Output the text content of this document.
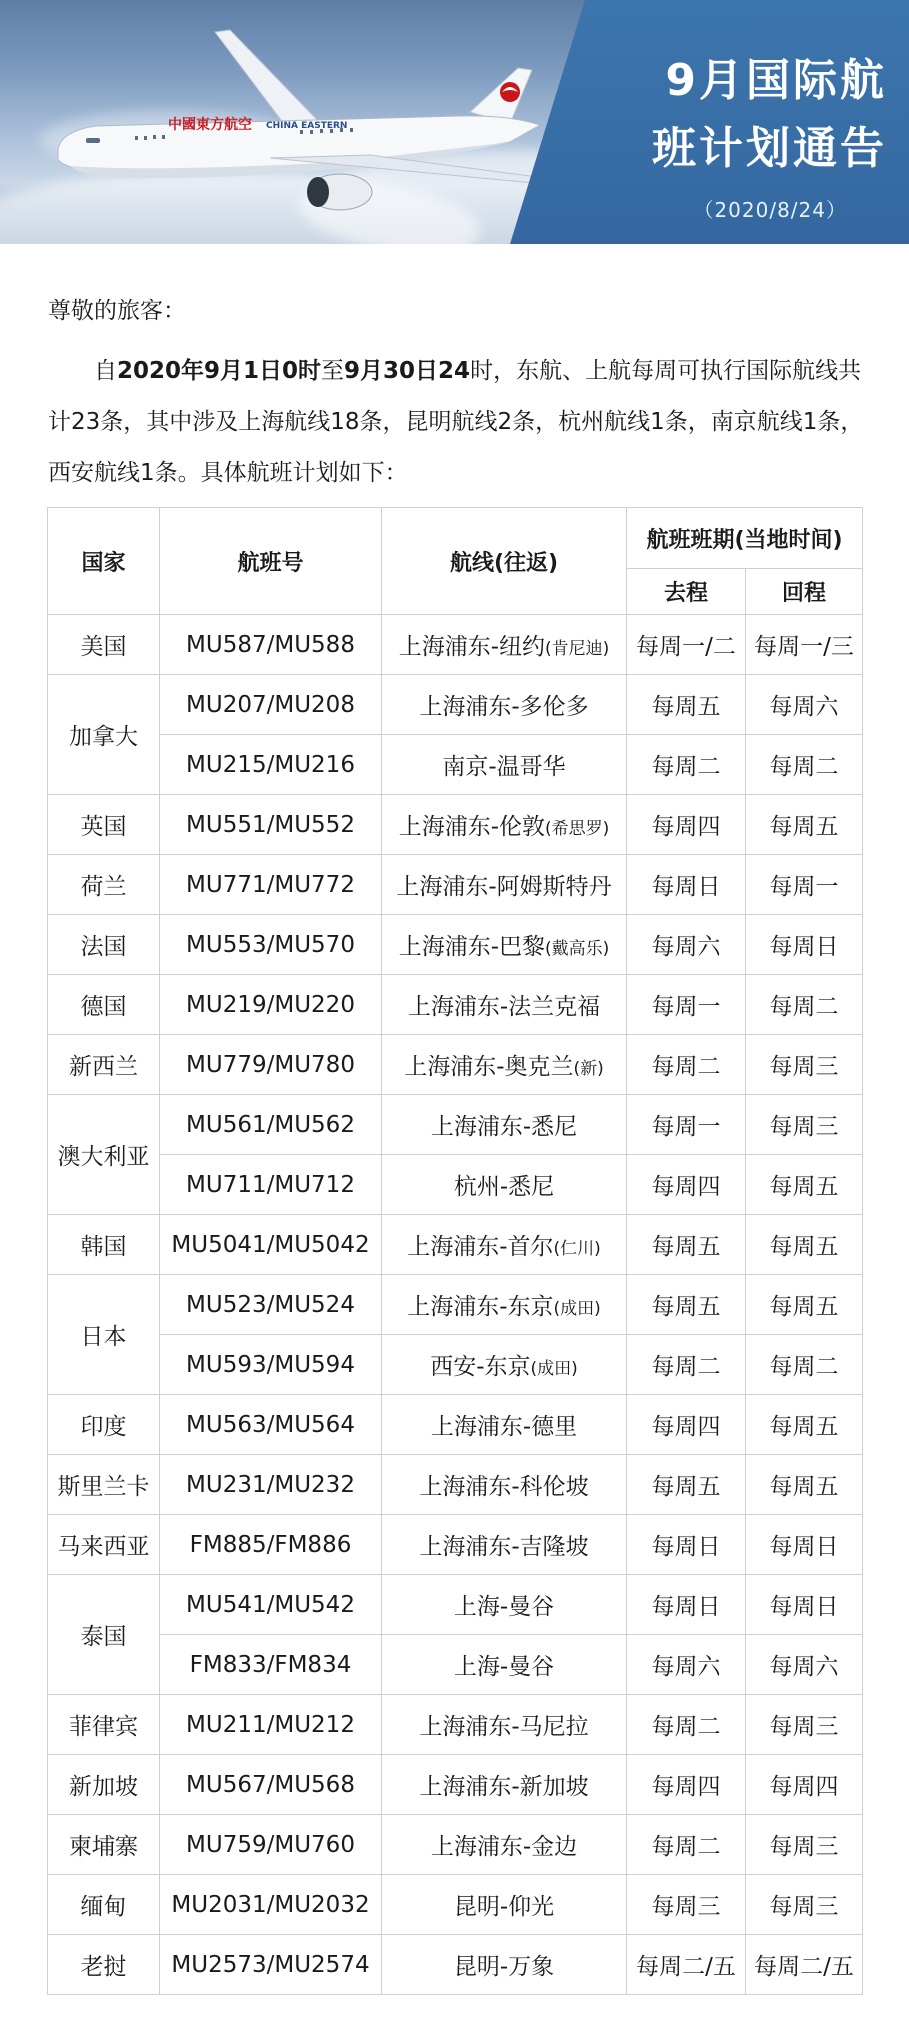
中國東方航空 CHINA EASTERN
9月国际航
班计划通告
（2020/8/24）
尊敬的旅客：
自2020年9月1日0时至9月30日24时，东航、上航每周可执行国际航线共计23条，其中涉及上海航线18条，昆明航线2条，杭州航线1条，南京航线1条，西安航线1条。具体航班计划如下：
国家	航班号	航线(往返)	航班班期(当地时间)	
			去程	回程
美国	MU587/MU588	上海浦东-纽约(肯尼迪)	每周一/二	每周一/三
加拿大	MU207/MU208	上海浦东-多伦多	每周五	每周六
	MU215/MU216	南京-温哥华	每周二	每周二
英国	MU551/MU552	上海浦东-伦敦(希思罗)	每周四	每周五
荷兰	MU771/MU772	上海浦东-阿姆斯特丹	每周日	每周一
法国	MU553/MU570	上海浦东-巴黎(戴高乐)	每周六	每周日
德国	MU219/MU220	上海浦东-法兰克福	每周一	每周二
新西兰	MU779/MU780	上海浦东-奥克兰(新)	每周二	每周三
澳大利亚	MU561/MU562	上海浦东-悉尼	每周一	每周三
	MU711/MU712	杭州-悉尼	每周四	每周五
韩国	MU5041/MU5042	上海浦东-首尔(仁川)	每周五	每周五
日本	MU523/MU524	上海浦东-东京(成田)	每周五	每周五
	MU593/MU594	西安-东京(成田)	每周二	每周二
印度	MU563/MU564	上海浦东-德里	每周四	每周五
斯里兰卡	MU231/MU232	上海浦东-科伦坡	每周五	每周五
马来西亚	FM885/FM886	上海浦东-吉隆坡	每周日	每周日
泰国	MU541/MU542	上海-曼谷	每周日	每周日
	FM833/FM834	上海-曼谷	每周六	每周六
菲律宾	MU211/MU212	上海浦东-马尼拉	每周二	每周三
新加坡	MU567/MU568	上海浦东-新加坡	每周四	每周四
柬埔寨	MU759/MU760	上海浦东-金边	每周二	每周三
缅甸	MU2031/MU2032	昆明-仰光	每周三	每周三
老挝	MU2573/MU2574	昆明-万象	每周二/五	每周二/五
